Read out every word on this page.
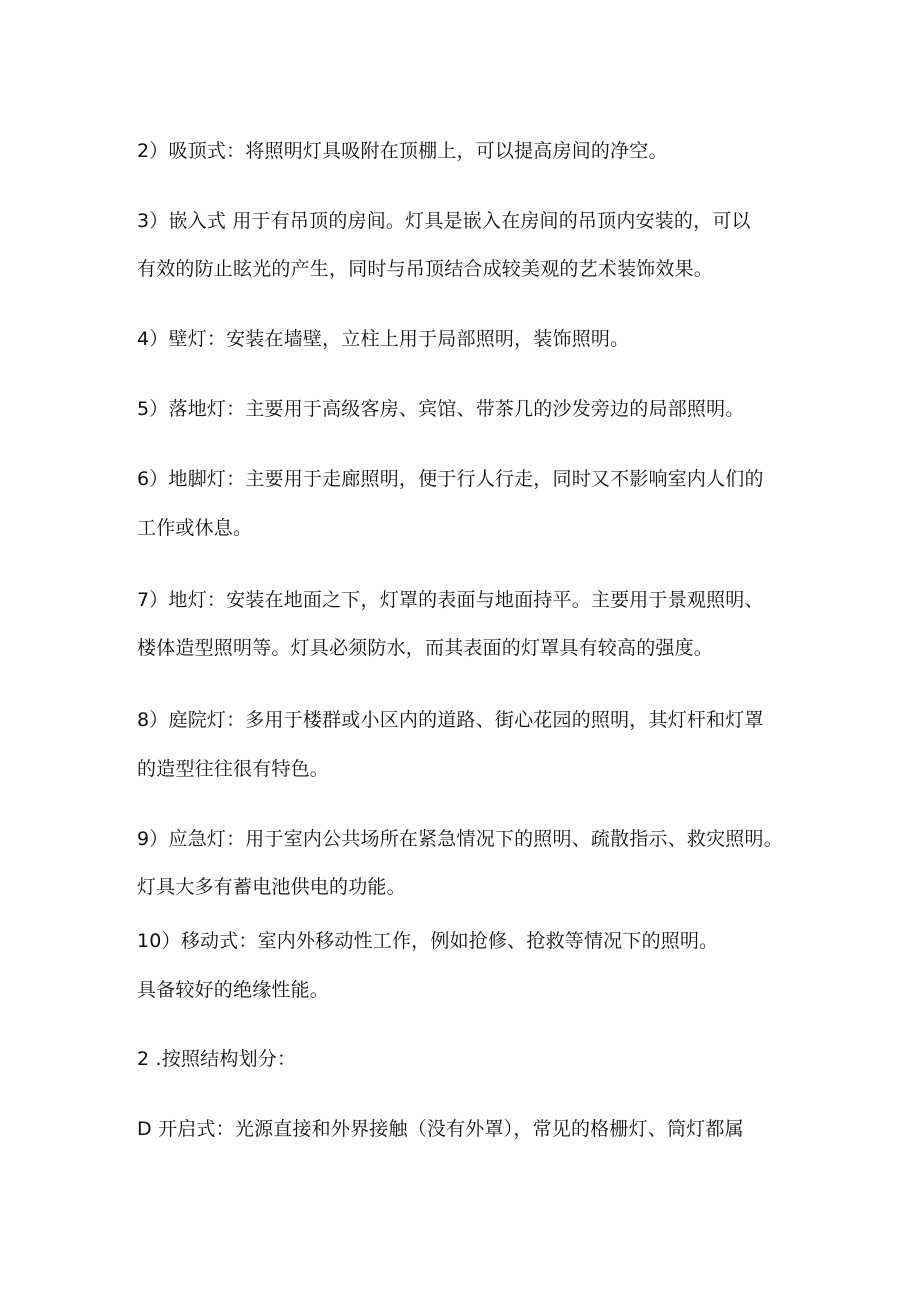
2）吸顶式：将照明灯具吸附在顶棚上，可以提高房间的净空。
3）嵌入式 用于有吊顶的房间。灯具是嵌入在房间的吊顶内安装的，可以
有效的防止眩光的产生，同时与吊顶结合成较美观的艺术装饰效果。
4）壁灯：安装在墙壁，立柱上用于局部照明，装饰照明。
5）落地灯：主要用于高级客房、宾馆、带茶几的沙发旁边的局部照明。
6）地脚灯：主要用于走廊照明，便于行人行走，同时又不影响室内人们的
工作或休息。
7）地灯：安装在地面之下，灯罩的表面与地面持平。主要用于景观照明、
楼体造型照明等。灯具必须防水，而其表面的灯罩具有较高的强度。
8）庭院灯：多用于楼群或小区内的道路、街心花园的照明，其灯杆和灯罩
的造型往往很有特色。
9）应急灯：用于室内公共场所在紧急情况下的照明、疏散指示、救灾照明。
灯具大多有蓄电池供电的功能。
10）移动式：室内外移动性工作，例如抢修、抢救等情况下的照明。
具备较好的绝缘性能。
2 .按照结构划分：
D 开启式：光源直接和外界接触（没有外罩），常见的格栅灯、筒灯都属
